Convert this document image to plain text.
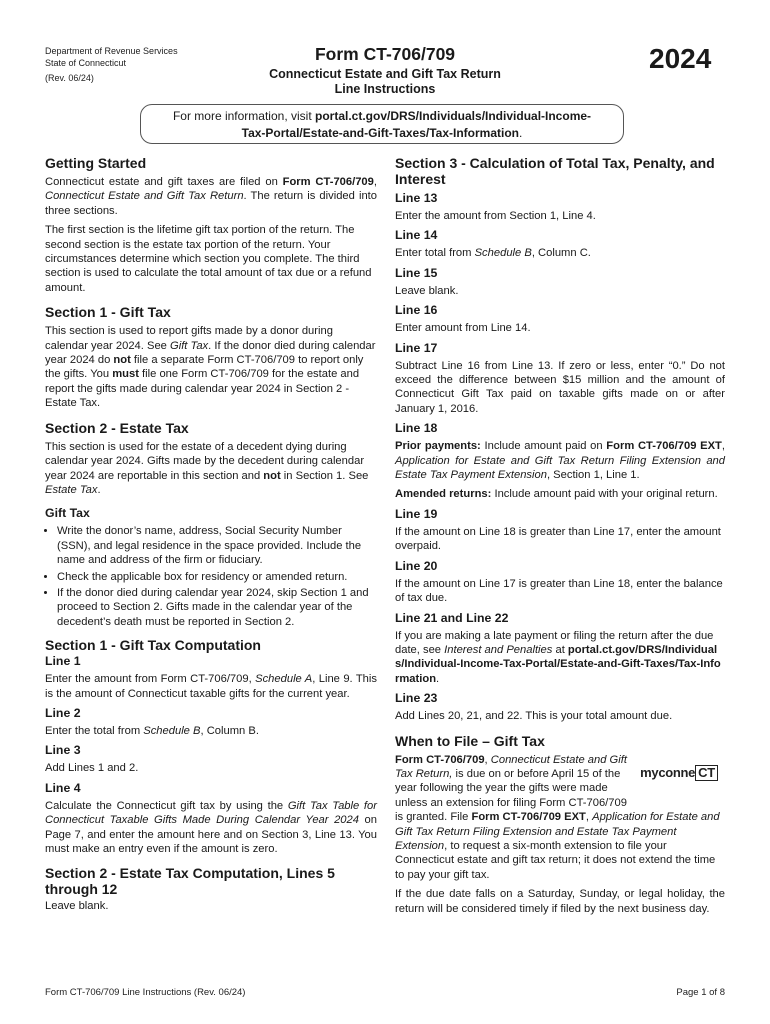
Department of Revenue Services
State of Connecticut
(Rev. 06/24)
Form CT-706/709
Connecticut Estate and Gift Tax Return
Line Instructions
2024
For more information, visit portal.ct.gov/DRS/Individuals/Individual-Income-
Tax-Portal/Estate-and-Gift-Taxes/Tax-Information.
Getting Started

Connecticut estate and gift taxes are filed on Form CT-706/709, Connecticut Estate and Gift Tax Return. The return is divided into three sections.

The first section is the lifetime gift tax portion of the return. The second section is the estate tax portion of the return. Your circumstances determine which section you complete. The third section is used to calculate the total amount of tax due or a refund amount.

Section 1 - Gift Tax

This section is used to report gifts made by a donor during calendar year 2024. See Gift Tax. If the donor died during calendar year 2024 do not file a separate Form CT-706/709 to report only the gifts. You must file one Form CT-706/709 for the estate and report the gifts made during calendar year 2024 in Section 2 - Estate Tax.

Section 2 - Estate Tax

This section is used for the estate of a decedent dying during calendar year 2024. Gifts made by the decedent during calendar year 2024 are reportable in this section and not in Section 1. See Estate Tax.

Gift Tax
• Write the donor’s name, address, Social Security Number (SSN), and legal residence in the space provided. Include the name and address of the firm or fiduciary.
• Check the applicable box for residency or amended return.
• If the donor died during calendar year 2024, skip Section 1 and proceed to Section 2. Gifts made in the calendar year of the decedent’s death must be reported in Section 2.
Section 1 - Gift Tax Computation
Line 1

Enter the amount from Form CT-706/709, Schedule A, Line 9. This is the amount of Connecticut taxable gifts for the current year.

Line 2

Enter the total from Schedule B, Column B.

Line 3

Add Lines 1 and 2.

Line 4

Calculate the Connecticut gift tax by using the Gift Tax Table for Connecticut Taxable Gifts Made During Calendar Year 2024 on Page 7, and enter the amount here and on Section 3, Line 13. You must make an entry even if the amount is zero.

Section 2 - Estate Tax Computation, Lines 5 through 12

Leave blank.

Section 3 - Calculation of Total Tax, Penalty, and Interest
Line 13

Enter the amount from Section 1, Line 4.

Line 14

Enter total from Schedule B, Column C.

Line 15

Leave blank.

Line 16

Enter amount from Line 14.

Line 17

Subtract Line 16 from Line 13. If zero or less, enter “0.” Do not exceed the difference between $15 million and the amount of Connecticut Gift Tax paid on taxable gifts made on or after January 1, 2016.

Line 18

Prior payments: Include amount paid on Form CT-706/709 EXT, Application for Estate and Gift Tax Return Filing Extension and Estate Tax Payment Extension, Section 1, Line 1.

Amended returns: Include amount paid with your original return.

Line 19

If the amount on Line 18 is greater than Line 17, enter the amount overpaid.

Line 20

If the amount on Line 17 is greater than Line 18, enter the balance of tax due.

Line 21 and Line 22

If you are making a late payment or filing the return after the due date, see Interest and Penalties at portal.ct.gov/DRS/Individuals/Individual-Income-Tax-Portal/Estate-and-Gift-Taxes/Tax-Information.

Line 23

Add Lines 20, 21, and 22. This is your total amount due.

When to File – Gift Tax
myconne CT

Form CT-706/709, Connecticut Estate and Gift Tax Return, is due on or before April 15 of the year following the year the gifts were made unless an extension for filing Form CT-706/709 is granted. File Form CT-706/709 EXT, Application for Estate and Gift Tax Return Filing Extension and Estate Tax Payment Extension, to request a six-month extension to file your Connecticut estate and gift tax return; it does not extend the time to pay your gift tax.

If the due date falls on a Saturday, Sunday, or legal holiday, the return will be considered timely if filed by the next business day.

Form CT-706/709 Line Instructions (Rev. 06/24)	Page 1 of 8
